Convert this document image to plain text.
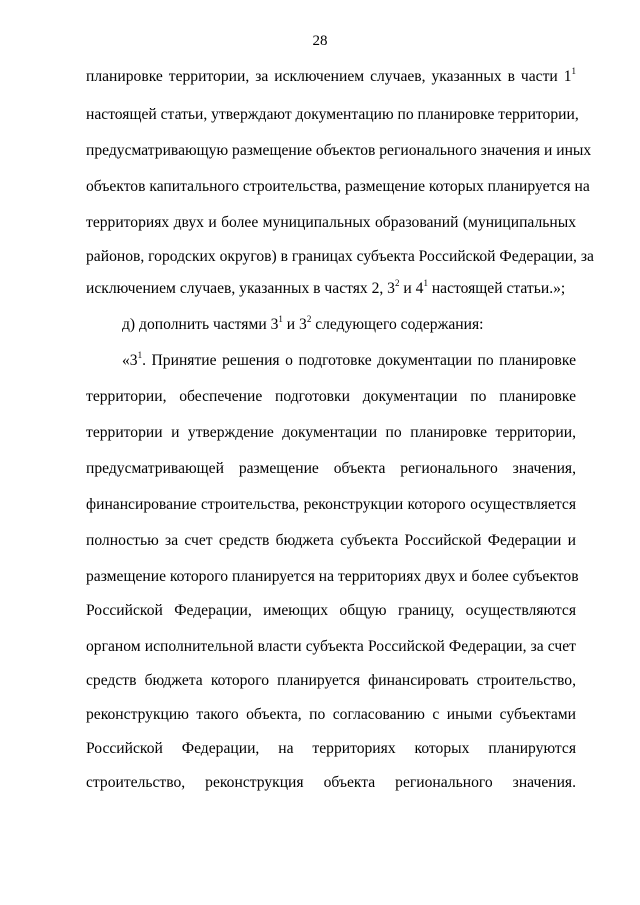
28
планировке территории, за исключением случаев, указанных в части $1^1$
настоящей статьи, утверждают документацию по планировке территории,
предусматривающую размещение объектов регионального значения и иных
объектов капитального строительства, размещение которых планируется на
территориях двух и более муниципальных образований (муниципальных
районов, городских округов) в границах субъекта Российской Федерации, за
исключением случаев, указанных в частях 2, $3^2$ и $4^1$ настоящей статьи.»;
д) дополнить частями $3^1$ и $3^2$ следующего содержания:
«$3^1$. Принятие решения о подготовке документации по планировке
территории, обеспечение подготовки документации по планировке
территории и утверждение документации по планировке территории,
предусматривающей размещение объекта регионального значения,
финансирование строительства, реконструкции которого осуществляется
полностью за счет средств бюджета субъекта Российской Федерации и
размещение которого планируется на территориях двух и более субъектов
Российской Федерации, имеющих общую границу, осуществляются
органом исполнительной власти субъекта Российской Федерации, за счет
средств бюджета которого планируется финансировать строительство,
реконструкцию такого объекта, по согласованию с иными субъектами
Российской Федерации, на территориях которых планируются
строительство, реконструкция объекта регионального значения.
